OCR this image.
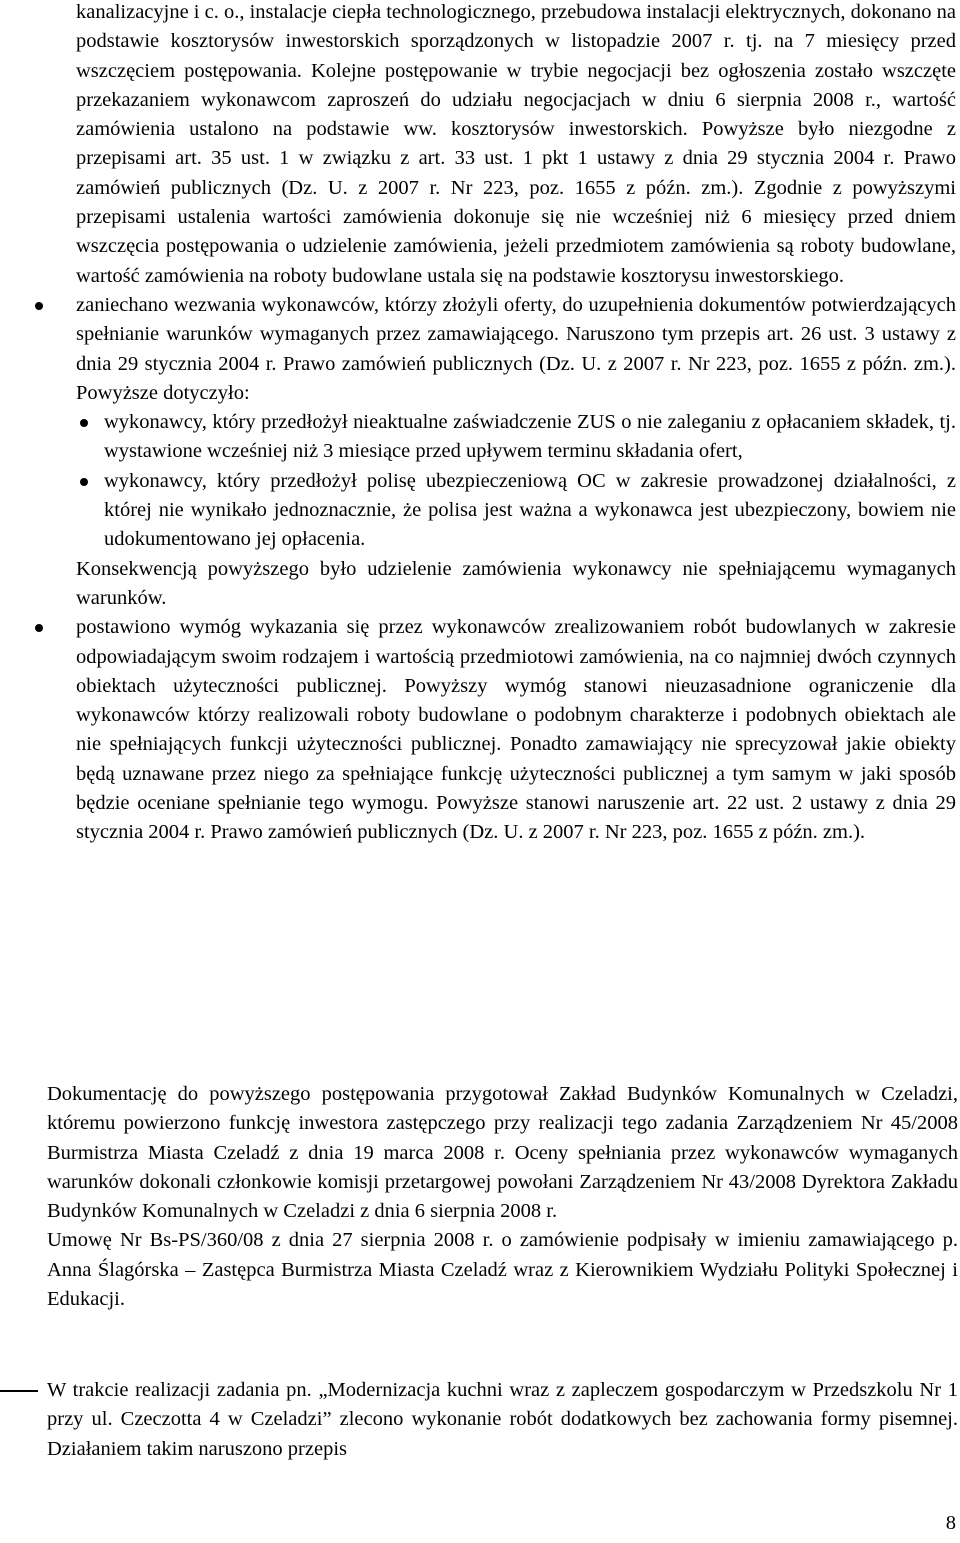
kanalizacyjne i c. o., instalacje ciepła technologicznego, przebudowa instalacji elektrycznych, dokonano na podstawie kosztorysów inwestorskich sporządzonych w listopadzie 2007 r. tj. na 7 miesięcy przed wszczęciem postępowania. Kolejne postępowanie w trybie negocjacji bez ogłoszenia zostało wszczęte przekazaniem wykonawcom zaproszeń do udziału negocjacjach w dniu 6 sierpnia 2008 r., wartość zamówienia ustalono na podstawie ww. kosztorysów inwestorskich. Powyższe było niezgodne z przepisami art. 35 ust. 1 w związku z art. 33 ust. 1 pkt 1 ustawy z dnia 29 stycznia 2004 r. Prawo zamówień publicznych (Dz. U. z 2007 r. Nr 223, poz. 1655 z późn. zm.). Zgodnie z powyższymi przepisami ustalenia wartości zamówienia dokonuje się nie wcześniej niż 6 miesięcy przed dniem wszczęcia postępowania o udzielenie zamówienia, jeżeli przedmiotem zamówienia są roboty budowlane, wartość zamówienia na roboty budowlane ustala się na podstawie kosztorysu inwestorskiego.

zaniechano wezwania wykonawców, którzy złożyli oferty, do uzupełnienia dokumentów potwierdzających spełnianie warunków wymaganych przez zamawiającego. Naruszono tym przepis art. 26 ust. 3 ustawy z dnia 29 stycznia 2004 r. Prawo zamówień publicznych (Dz. U. z 2007 r. Nr 223, poz. 1655 z późn. zm.). Powyższe dotyczyło:
wykonawcy, który przedłożył nieaktualne zaświadczenie ZUS o nie zaleganiu z opłacaniem składek, tj. wystawione wcześniej niż 3 miesiące przed upływem terminu składania ofert,
wykonawcy, który przedłożył polisę ubezpieczeniową OC w zakresie prowadzonej działalności, z której nie wynikało jednoznacznie, że polisa jest ważna a wykonawca jest ubezpieczony, bowiem nie udokumentowano jej opłacenia.
Konsekwencją powyższego było udzielenie zamówienia wykonawcy nie spełniającemu wymaganych warunków.
postawiono wymóg wykazania się przez wykonawców zrealizowaniem robót budowlanych w zakresie odpowiadającym swoim rodzajem i wartością przedmiotowi zamówienia, na co najmniej dwóch czynnych obiektach użyteczności publicznej. Powyższy wymóg stanowi nieuzasadnione ograniczenie dla wykonawców którzy realizowali roboty budowlane o podobnym charakterze i podobnych obiektach ale nie spełniających funkcji użyteczności publicznej. Ponadto zamawiający nie sprecyzował jakie obiekty będą uznawane przez niego za spełniające funkcję użyteczności publicznej a tym samym w jaki sposób będzie oceniane spełnianie tego wymogu. Powyższe stanowi naruszenie art. 22 ust. 2 ustawy z dnia 29 stycznia 2004 r. Prawo zamówień publicznych (Dz. U. z 2007 r. Nr 223, poz. 1655 z późn. zm.).

Dokumentację do powyższego postępowania przygotował Zakład Budynków Komunalnych w Czeladzi, któremu powierzono funkcję inwestora zastępczego przy realizacji tego zadania Zarządzeniem Nr 45/2008 Burmistrza Miasta Czeladź z dnia 19 marca 2008 r. Oceny spełniania przez wykonawców wymaganych warunków dokonali członkowie komisji przetargowej powołani Zarządzeniem Nr 43/2008 Dyrektora Zakładu Budynków Komunalnych w Czeladzi z dnia 6 sierpnia 2008 r.

Umowę Nr Bs-PS/360/08 z dnia 27 sierpnia 2008 r. o zamówienie podpisały w imieniu zamawiającego p. Anna Ślagórska – Zastępca Burmistrza Miasta Czeladź wraz z Kierownikiem Wydziału Polityki Społecznej i Edukacji.

W trakcie realizacji zadania pn. „Modernizacja kuchni wraz z zapleczem gospodarczym w Przedszkolu Nr 1 przy ul. Czeczotta 4 w Czeladzi” zlecono wykonanie robót dodatkowych bez zachowania formy pisemnej. Działaniem takim naruszono przepis

8
